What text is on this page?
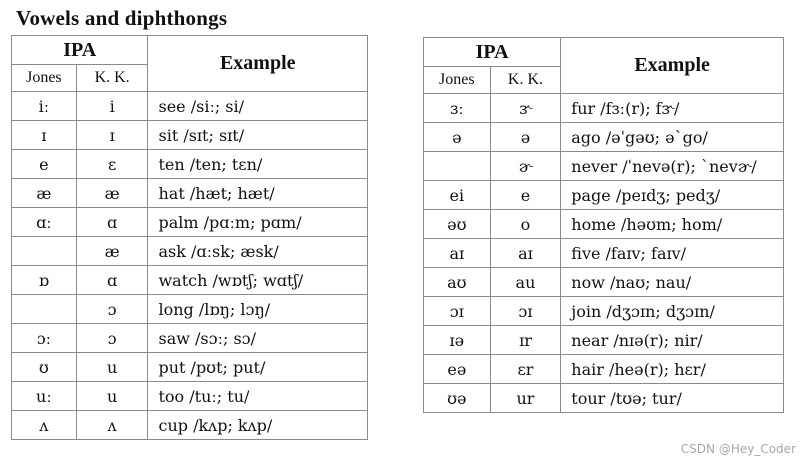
Vowels and diphthongs
IPA		Example
Jones	K. K.	
iː	i	see /siː; si/
ɪ	ɪ	sit /sɪt; sɪt/
e	ɛ	ten /ten; tɛn/
æ	æ	hat /hæt; hæt/
ɑː	ɑ	palm /pɑːm; pɑm/
	æ	ask /ɑːsk; æsk/
ɒ	ɑ	watch /wɒtʃ; wɑtʃ/
	ɔ	long /lɒŋ; lɔŋ/
ɔː	ɔ	saw /sɔː; sɔ/
ʊ	u	put /pʊt; put/
uː	u	too /tuː; tu/
ʌ	ʌ	cup /kʌp; kʌp/
IPA		Example
Jones	K. K.	
ɜː	ɝ	fur /fɜː(r); fɝ/
ə	ə	ago /əˈgəʊ; əˋgo/
	ɚ	never /ˈnevə(r); ˋnevɚ/
ei	e	page /peɪdʒ; pedʒ/
əʊ	o	home /həʊm; hom/
aɪ	aɪ	five /faɪv; faɪv/
aʊ	au	now /naʊ; nau/
ɔɪ	ɔɪ	join /dʒɔɪn; dʒɔɪn/
ɪə	ɪr	near /nɪə(r); nir/
eə	ɛr	hair /heə(r); hɛr/
ʊə	ur	tour /tʊə; tur/
CSDN @Hey_Coder
